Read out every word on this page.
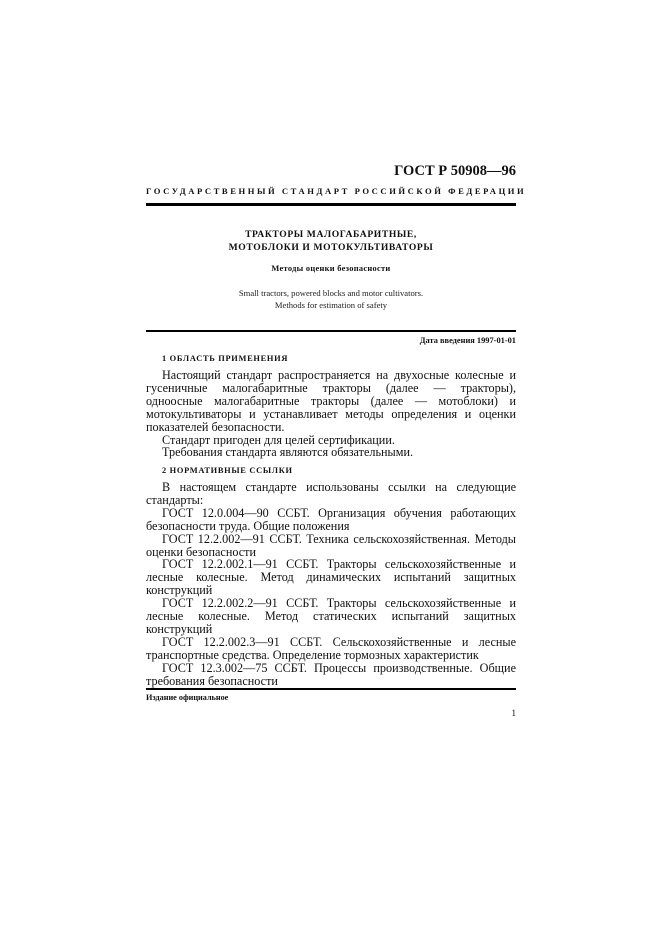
ГОСТ Р 50908—96
ГОСУДАРСТВЕННЫЙ СТАНДАРТ РОССИЙСКОЙ ФЕДЕРАЦИИ
ТРАКТОРЫ МАЛОГАБАРИТНЫЕ,
МОТОБЛОКИ И МОТОКУЛЬТИВАТОРЫ
Методы оценки безопасности
Small tractors, powered blocks and motor cultivators.
Methods for estimation of safety
Дата введения 1997-01-01
1 ОБЛАСТЬ ПРИМЕНЕНИЯ

Настоящий стандарт распространяется на двухосные колесные и гусеничные малогабаритные тракторы (далее — тракторы), одноосные малогабаритные тракторы (далее — мотоблоки) и мотокультиваторы и устанавливает методы определения и оценки показателей безопасности.

Стандарт пригоден для целей сертификации.

Требования стандарта являются обязательными.

2 НОРМАТИВНЫЕ ССЫЛКИ

В настоящем стандарте использованы ссылки на следующие стандарты:

ГОСТ 12.0.004—90 ССБТ. Организация обучения работающих безопасности труда. Общие положения

ГОСТ 12.2.002—91 ССБТ. Техника сельскохозяйственная. Методы оценки безопасности

ГОСТ 12.2.002.1—91 ССБТ. Тракторы сельскохозяйственные и лесные колесные. Метод динамических испытаний защитных конструкций

ГОСТ 12.2.002.2—91 ССБТ. Тракторы сельскохозяйственные и лесные колесные. Метод статических испытаний защитных конструкций

ГОСТ 12.2.002.3—91 ССБТ. Сельскохозяйственные и лесные транспортные средства. Определение тормозных характеристик

ГОСТ 12.3.002—75 ССБТ. Процессы производственные. Общие требования безопасности

Издание официальное
1
